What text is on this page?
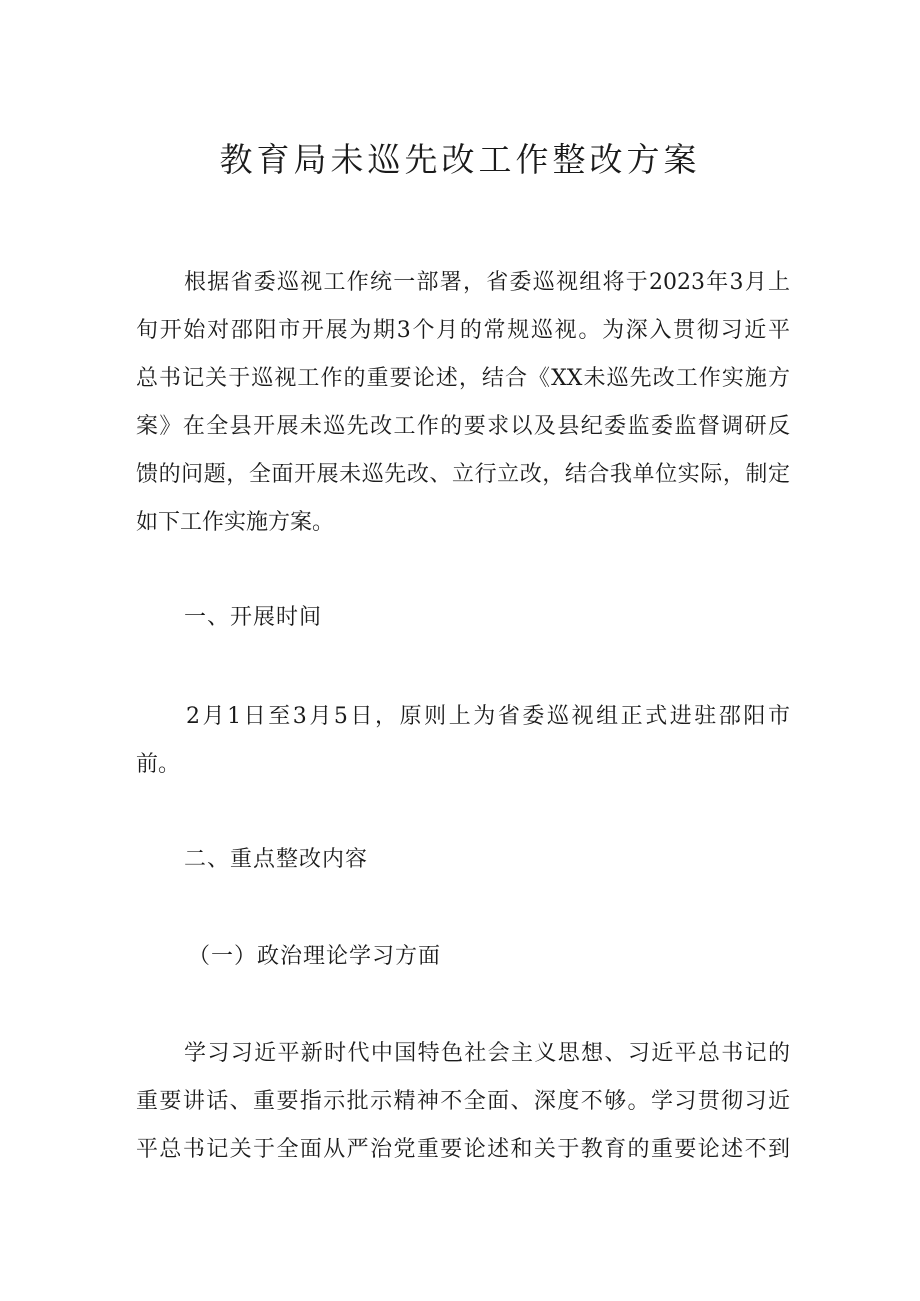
教育局未巡先改工作整改方案

根据省委巡视工作统一部署，省委巡视组将于2023年3月上

旬开始对邵阳市开展为期3个月的常规巡视。为深入贯彻习近平

总书记关于巡视工作的重要论述，结合《XX未巡先改工作实施方

案》在全县开展未巡先改工作的要求以及县纪委监委监督调研反

馈的问题，全面开展未巡先改、立行立改，结合我单位实际，制定

如下工作实施方案。

一、开展时间

2月1日至3月5日，原则上为省委巡视组正式进驻邵阳市

前。

二、重点整改内容

（一）政治理论学习方面

学习习近平新时代中国特色社会主义思想、习近平总书记的

重要讲话、重要指示批示精神不全面、深度不够。学习贯彻习近

平总书记关于全面从严治党重要论述和关于教育的重要论述不到
